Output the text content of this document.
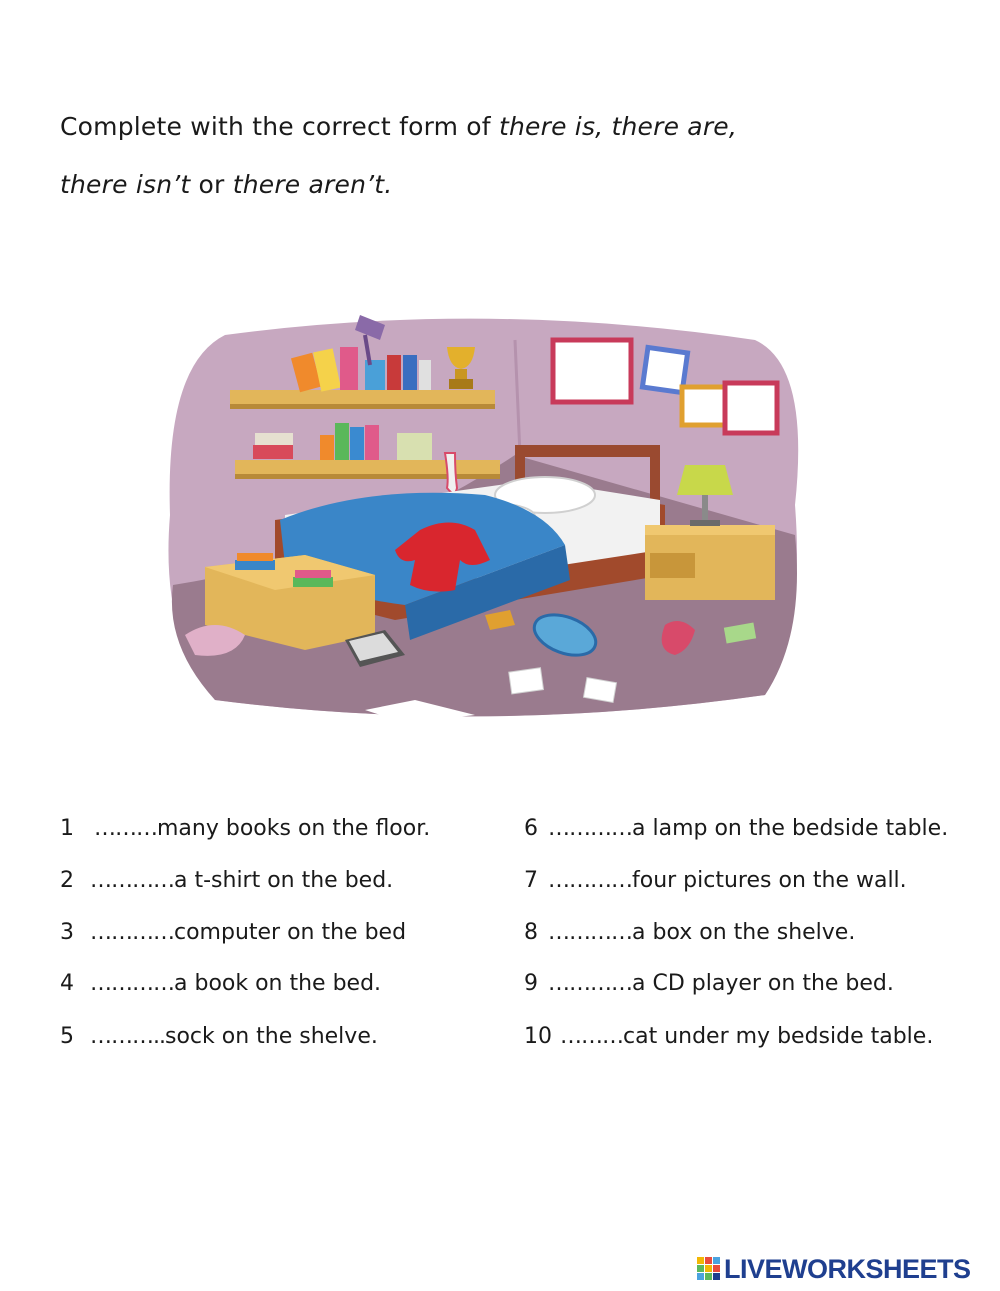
Complete with the correct form of there is, there are,
there isn’t or there aren’t.
1 ……… many books on the floor.
2 ………… a t-shirt on the bed.
3 ………… computer on the bed
4 ………… a book on the bed.
5 ……….. sock on the shelve.
6 ………… a lamp on the bedside table.
7 ………… four pictures on the wall.
8 ………… a box on the shelve.
9 ………… a CD player on the bed.
10 ……… cat under my bedside table.
LIVEWORKSHEETS
